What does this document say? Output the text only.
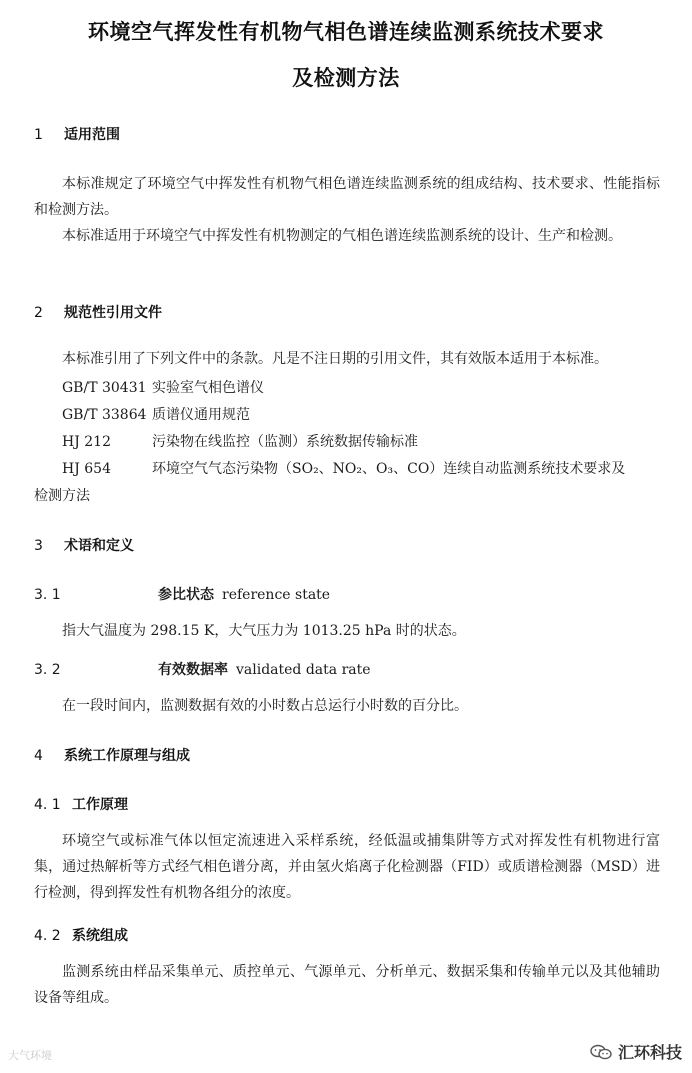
环境空气挥发性有机物气相色谱连续监测系统技术要求
及检测方法
1 适用范围
本标准规定了环境空气中挥发性有机物气相色谱连续监测系统的组成结构、技术要求、性能指标和检测方法。
本标准适用于环境空气中挥发性有机物测定的气相色谱连续监测系统的设计、生产和检测。
2 规范性引用文件
本标准引用了下列文件中的条款。凡是不注日期的引用文件，其有效版本适用于本标准。
GB/T 30431 实验室气相色谱仪
GB/T 33864 质谱仪通用规范
HJ 212	污染物在线监控（监测）系统数据传输标准
HJ 654	环境空气气态污染物（SO₂、NO₂、O₃、CO）连续自动监测系统技术要求及
检测方法
3 术语和定义
3. 1	参比状态 reference state
指大气温度为 298.15 K，大气压力为 1013.25 hPa 时的状态。
3. 2	有效数据率 validated data rate
在一段时间内，监测数据有效的小时数占总运行小时数的百分比。
4 系统工作原理与组成
4. 1 工作原理
环境空气或标准气体以恒定流速进入采样系统，经低温或捕集阱等方式对挥发性有机物进行富集，通过热解析等方式经气相色谱分离，并由氢火焰离子化检测器（FID）或质谱检测器（MSD）进行检测，得到挥发性有机物各组分的浓度。
4. 2 系统组成
监测系统由样品采集单元、质控单元、气源单元、分析单元、数据采集和传输单元以及其他辅助设备等组成。
大气环境	汇环科技
